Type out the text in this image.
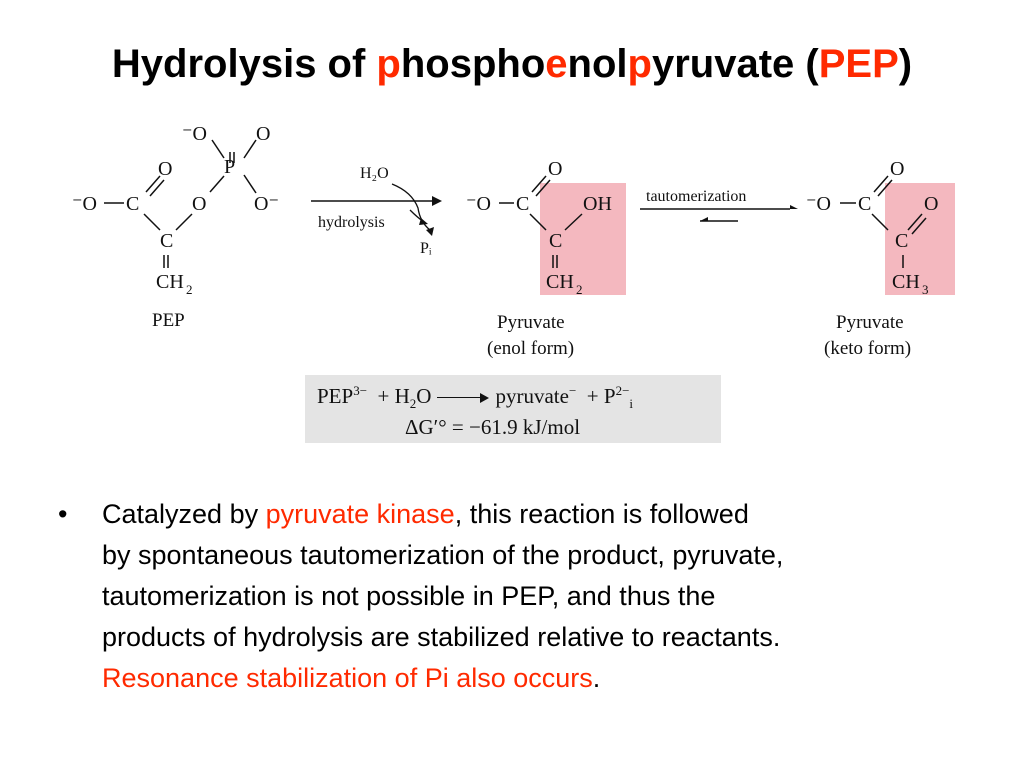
Hydrolysis of phosphoenolpyruvate (PEP)
⁻O C
O
C
CH 2
O
P
⁻O O
O⁻	⁻O C
O
OH
C
CH 2
⁻O C
O
O
C
CH 3
H₂O
hydrolysis
Pᵢ
tautomerization
PEP	Pyruvate
(enol form)
Pyruvate
(keto form)
$PEP^{3-} + H_2O$	pyruvate− + $P^{2-}_i$
ΔG′° = −61.9 kJ/mol
• Catalyzed by pyruvate kinase, this reaction is followed
by spontaneous tautomerization of the product, pyruvate,
tautomerization is not possible in PEP, and thus the
products of hydrolysis are stabilized relative to reactants.
Resonance stabilization of Pi also occurs.
